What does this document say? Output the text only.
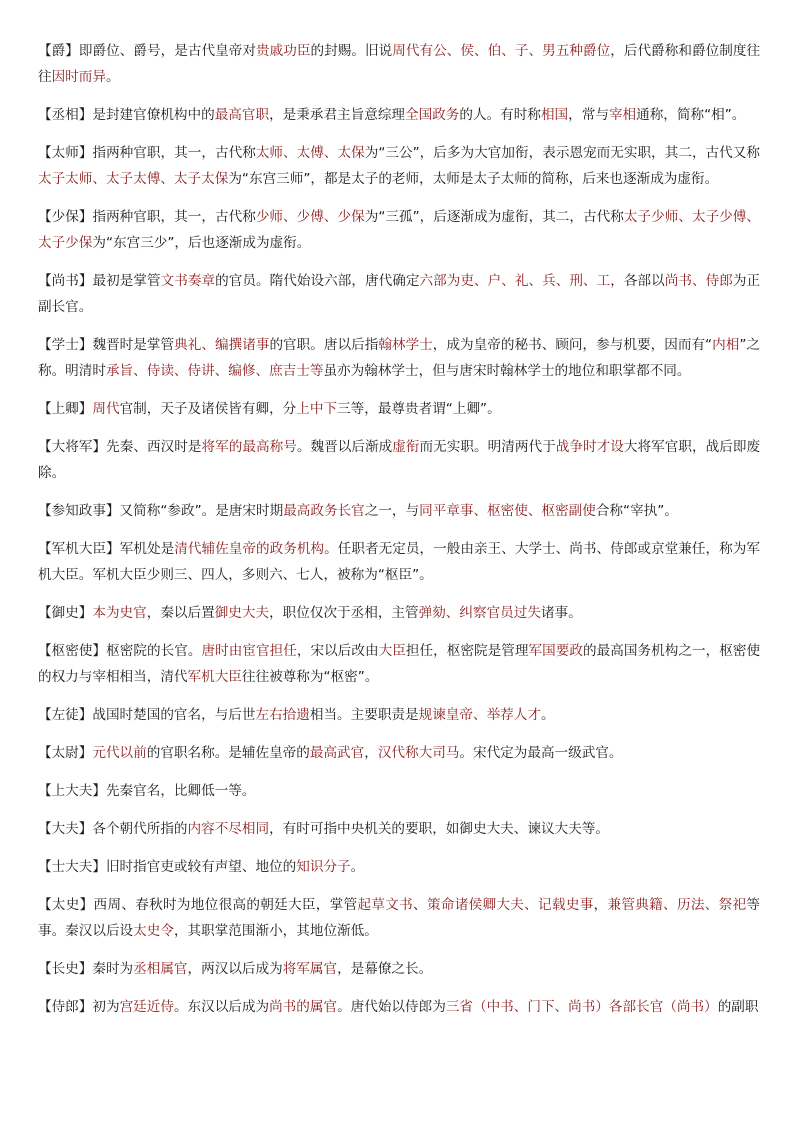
【爵】即爵位、爵号，是古代皇帝对贵戚功臣的封赐。旧说周代有公、侯、伯、子、男五种爵位，后代爵称和爵位制度往往因时而异。

【丞相】是封建官僚机构中的最高官职，是秉承君主旨意综理全国政务的人。有时称相国，常与宰相通称，简称“相”。

【太师】指两种官职，其一，古代称太师、太傅、太保为“三公”，后多为大官加衔，表示恩宠而无实职，其二，古代又称太子太师、太子太傅、太子太保为“东宫三师”，都是太子的老师，太师是太子太师的简称，后来也逐渐成为虚衔。

【少保】指两种官职，其一，古代称少师、少傅、少保为“三孤”，后逐渐成为虚衔，其二，古代称太子少师、太子少傅、太子少保为“东宫三少”，后也逐渐成为虚衔。

【尚书】最初是掌管文书奏章的官员。隋代始设六部，唐代确定六部为吏、户、礼、兵、刑、工，各部以尚书、侍郎为正副长官。

【学士】魏晋时是掌管典礼、编撰诸事的官职。唐以后指翰林学士，成为皇帝的秘书、顾问，参与机要，因而有“内相”之称。明清时承旨、侍读、侍讲、编修、庶吉士等虽亦为翰林学士，但与唐宋时翰林学士的地位和职掌都不同。

【上卿】周代官制，天子及诸侯皆有卿，分上中下三等，最尊贵者谓“上卿”。

【大将军】先秦、西汉时是将军的最高称号。魏晋以后渐成虚衔而无实职。明清两代于战争时才设大将军官职，战后即废除。

【参知政事】又简称“参政”。是唐宋时期最高政务长官之一，与同平章事、枢密使、枢密副使合称“宰执”。

【军机大臣】军机处是清代辅佐皇帝的政务机构。任职者无定员，一般由亲王、大学士、尚书、侍郎或京堂兼任，称为军机大臣。军机大臣少则三、四人，多则六、七人，被称为“枢臣”。

【御史】本为史官，秦以后置御史大夫，职位仅次于丞相，主管弹劾、纠察官员过失诸事。

【枢密使】枢密院的长官。唐时由宦官担任，宋以后改由大臣担任，枢密院是管理军国要政的最高国务机构之一，枢密使的权力与宰相相当，清代军机大臣往往被尊称为“枢密”。

【左徒】战国时楚国的官名，与后世左右拾遗相当。主要职责是规谏皇帝、举荐人才。

【太尉】元代以前的官职名称。是辅佐皇帝的最高武官，汉代称大司马。宋代定为最高一级武官。

【上大夫】先秦官名，比卿低一等。

【大夫】各个朝代所指的内容不尽相同，有时可指中央机关的要职，如御史大夫、谏议大夫等。

【士大夫】旧时指官吏或较有声望、地位的知识分子。

【太史】西周、春秋时为地位很高的朝廷大臣，掌管起草文书、策命诸侯卿大夫、记载史事，兼管典籍、历法、祭祀等事。秦汉以后设太史令，其职掌范围渐小，其地位渐低。

【长史】秦时为丞相属官，两汉以后成为将军属官，是幕僚之长。

【侍郎】初为宫廷近侍。东汉以后成为尚书的属官。唐代始以侍郎为三省（中书、门下、尚书）各部长官（尚书）的副职
